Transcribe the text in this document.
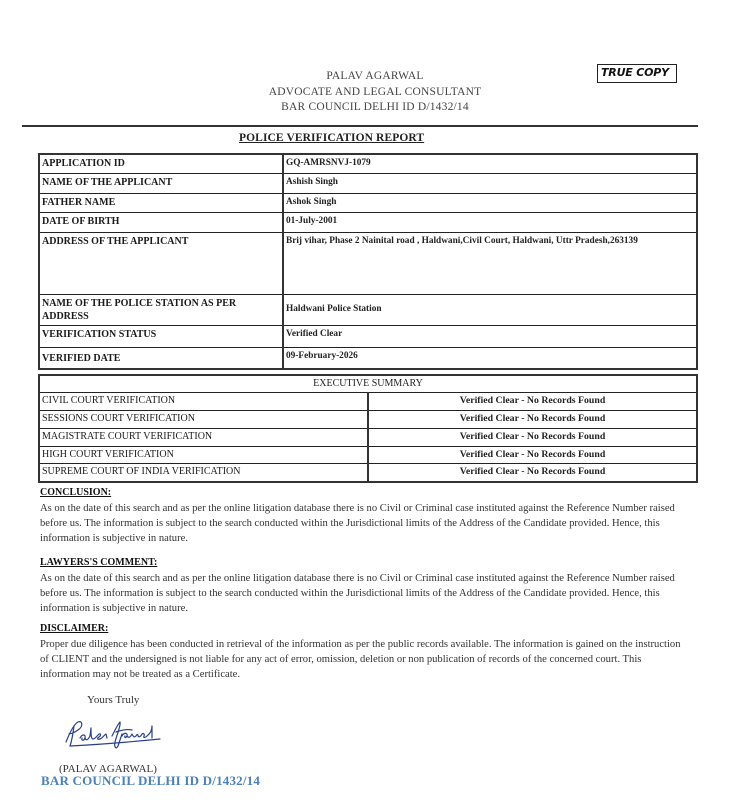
PALAV AGARWAL
ADVOCATE AND LEGAL CONSULTANT
BAR COUNCIL DELHI ID D/1432/14
TRUE COPY
POLICE VERIFICATION REPORT
APPLICATION ID	GQ-AMRSNVJ-1079
NAME OF THE APPLICANT	Ashish Singh
FATHER NAME	Ashok Singh
DATE OF BIRTH	01-July-2001
ADDRESS OF THE APPLICANT	Brij vihar, Phase 2 Nainital road , Haldwani,Civil Court, Haldwani, Uttr Pradesh,263139
NAME OF THE POLICE STATION AS PER ADDRESS	Haldwani Police Station
VERIFICATION STATUS	Verified Clear
VERIFIED DATE	09-February-2026
EXECUTIVE SUMMARY	
CIVIL COURT VERIFICATION	Verified Clear - No Records Found
SESSIONS COURT VERIFICATION	Verified Clear - No Records Found
MAGISTRATE COURT VERIFICATION	Verified Clear - No Records Found
HIGH COURT VERIFICATION	Verified Clear - No Records Found
SUPREME COURT OF INDIA VERIFICATION	Verified Clear - No Records Found
CONCLUSION:

As on the date of this search and as per the online litigation database there is no Civil or Criminal case instituted against the Reference Number raised before us. The information is subject to the search conducted within the Jurisdictional limits of the Address of the Candidate provided. Hence, this information is subjective in nature.

LAWYERS'S COMMENT:

As on the date of this search and as per the online litigation database there is no Civil or Criminal case instituted against the Reference Number raised before us. The information is subject to the search conducted within the Jurisdictional limits of the Address of the Candidate provided. Hence, this information is subjective in nature.

DISCLAIMER:

Proper due diligence has been conducted in retrieval of the information as per the public records available. The information is gained on the instruction of CLIENT and the undersigned is not liable for any act of error, omission, deletion or non publication of records of the concerned court. This information may not be treated as a Certificate.

Yours Truly
(PALAV AGARWAL)
BAR COUNCIL DELHI ID D/1432/14
